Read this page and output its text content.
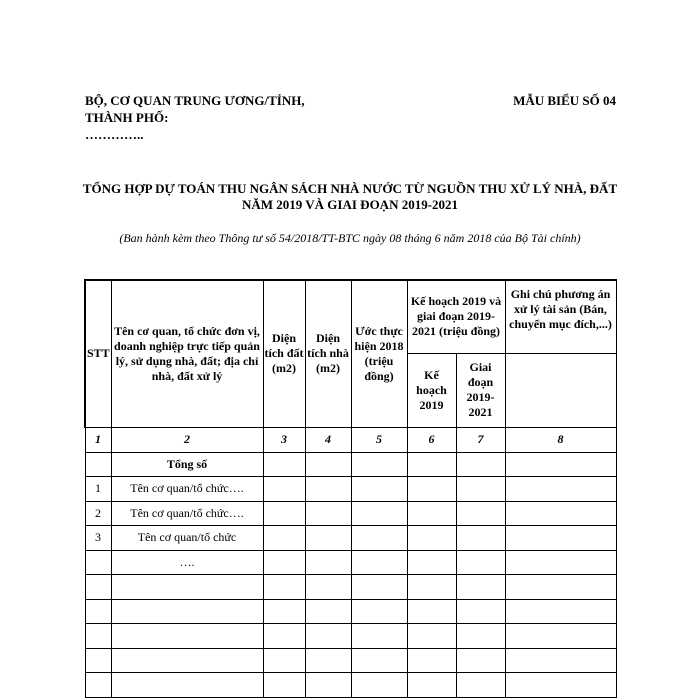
BỘ, CƠ QUAN TRUNG ƯƠNG/TỈNH, THÀNH PHỐ:
…………..
MẪU BIỂU SỐ 04
TỔNG HỢP DỰ TOÁN THU NGÂN SÁCH NHÀ NƯỚC TỪ NGUỒN THU XỬ LÝ NHÀ, ĐẤT NĂM 2019 VÀ GIAI ĐOẠN 2019-2021
(Ban hành kèm theo Thông tư số 54/2018/TT-BTC ngày 08 tháng 6 năm 2018 của Bộ Tài chính)
STT	Tên cơ quan, tổ chức đơn vị, doanh nghiệp trực tiếp quản lý, sử dụng nhà, đất; địa chỉ nhà, đất xử lý	Diện tích đất (m2)	Diện tích nhà (m2)	Ước thực hiện 2018 (triệu đồng)	Kế hoạch 2019 và giai đoạn 2019-2021 (triệu đồng)		Ghi chú phương án xử lý tài sản (Bán, chuyển mục đích,...)
					Kế hoạch 2019	Giai đoạn 2019-2021	
1	2	3	4	5	6	7	8
	Tổng số						
1	Tên cơ quan/tổ chức….						
2	Tên cơ quan/tổ chức….						
3	Tên cơ quan/tổ chức						
	….						
